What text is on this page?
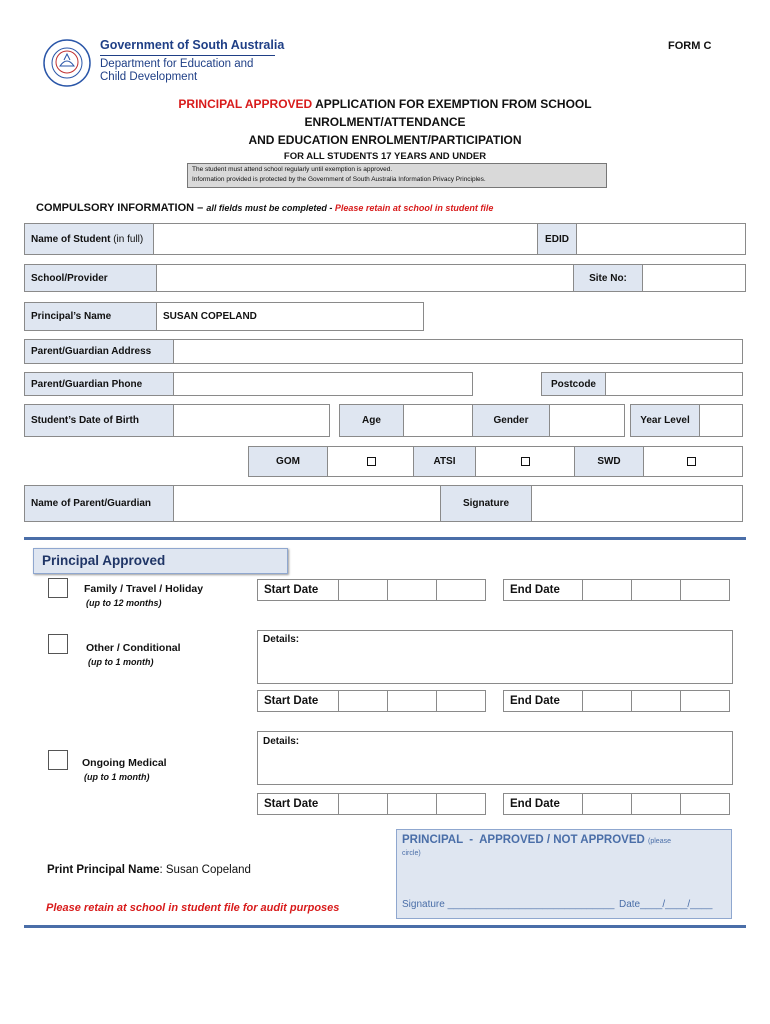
Government of South Australia
Department for Education and
Child Development
FORM C
PRINCIPAL APPROVED APPLICATION FOR EXEMPTION FROM SCHOOL
ENROLMENT/ATTENDANCE
AND EDUCATION ENROLMENT/PARTICIPATION
FOR ALL STUDENTS 17 YEARS AND UNDER
The student must attend school regularly until exemption is approved.
Information provided is protected by the Government of South Australia Information Privacy Principles.
COMPULSORY INFORMATION – all fields must be completed - Please retain at school in student file
Name of Student (in full)	EDID
School/Provider	Site No:
Principal’s Name	SUSAN COPELAND
Parent/Guardian Address
Parent/Guardian Phone	Postcode
Student’s Date of Birth	Age	Gender	Year Level
GOM	ATSI	SWD
Name of Parent/Guardian	Signature
Principal Approved
Family / Travel / Holiday
(up to 12 months)
Start Date	End Date
Other / Conditional
(up to 1 month)
Details:
Start Date	End Date
Ongoing Medical
(up to 1 month)
Details:
Start Date	End Date
Print Principal Name: Susan Copeland
Please retain at school in student file for audit purposes
PRINCIPAL  -  APPROVED / NOT APPROVED (please
circle)
Signature ______________________________ Date____/____/____
